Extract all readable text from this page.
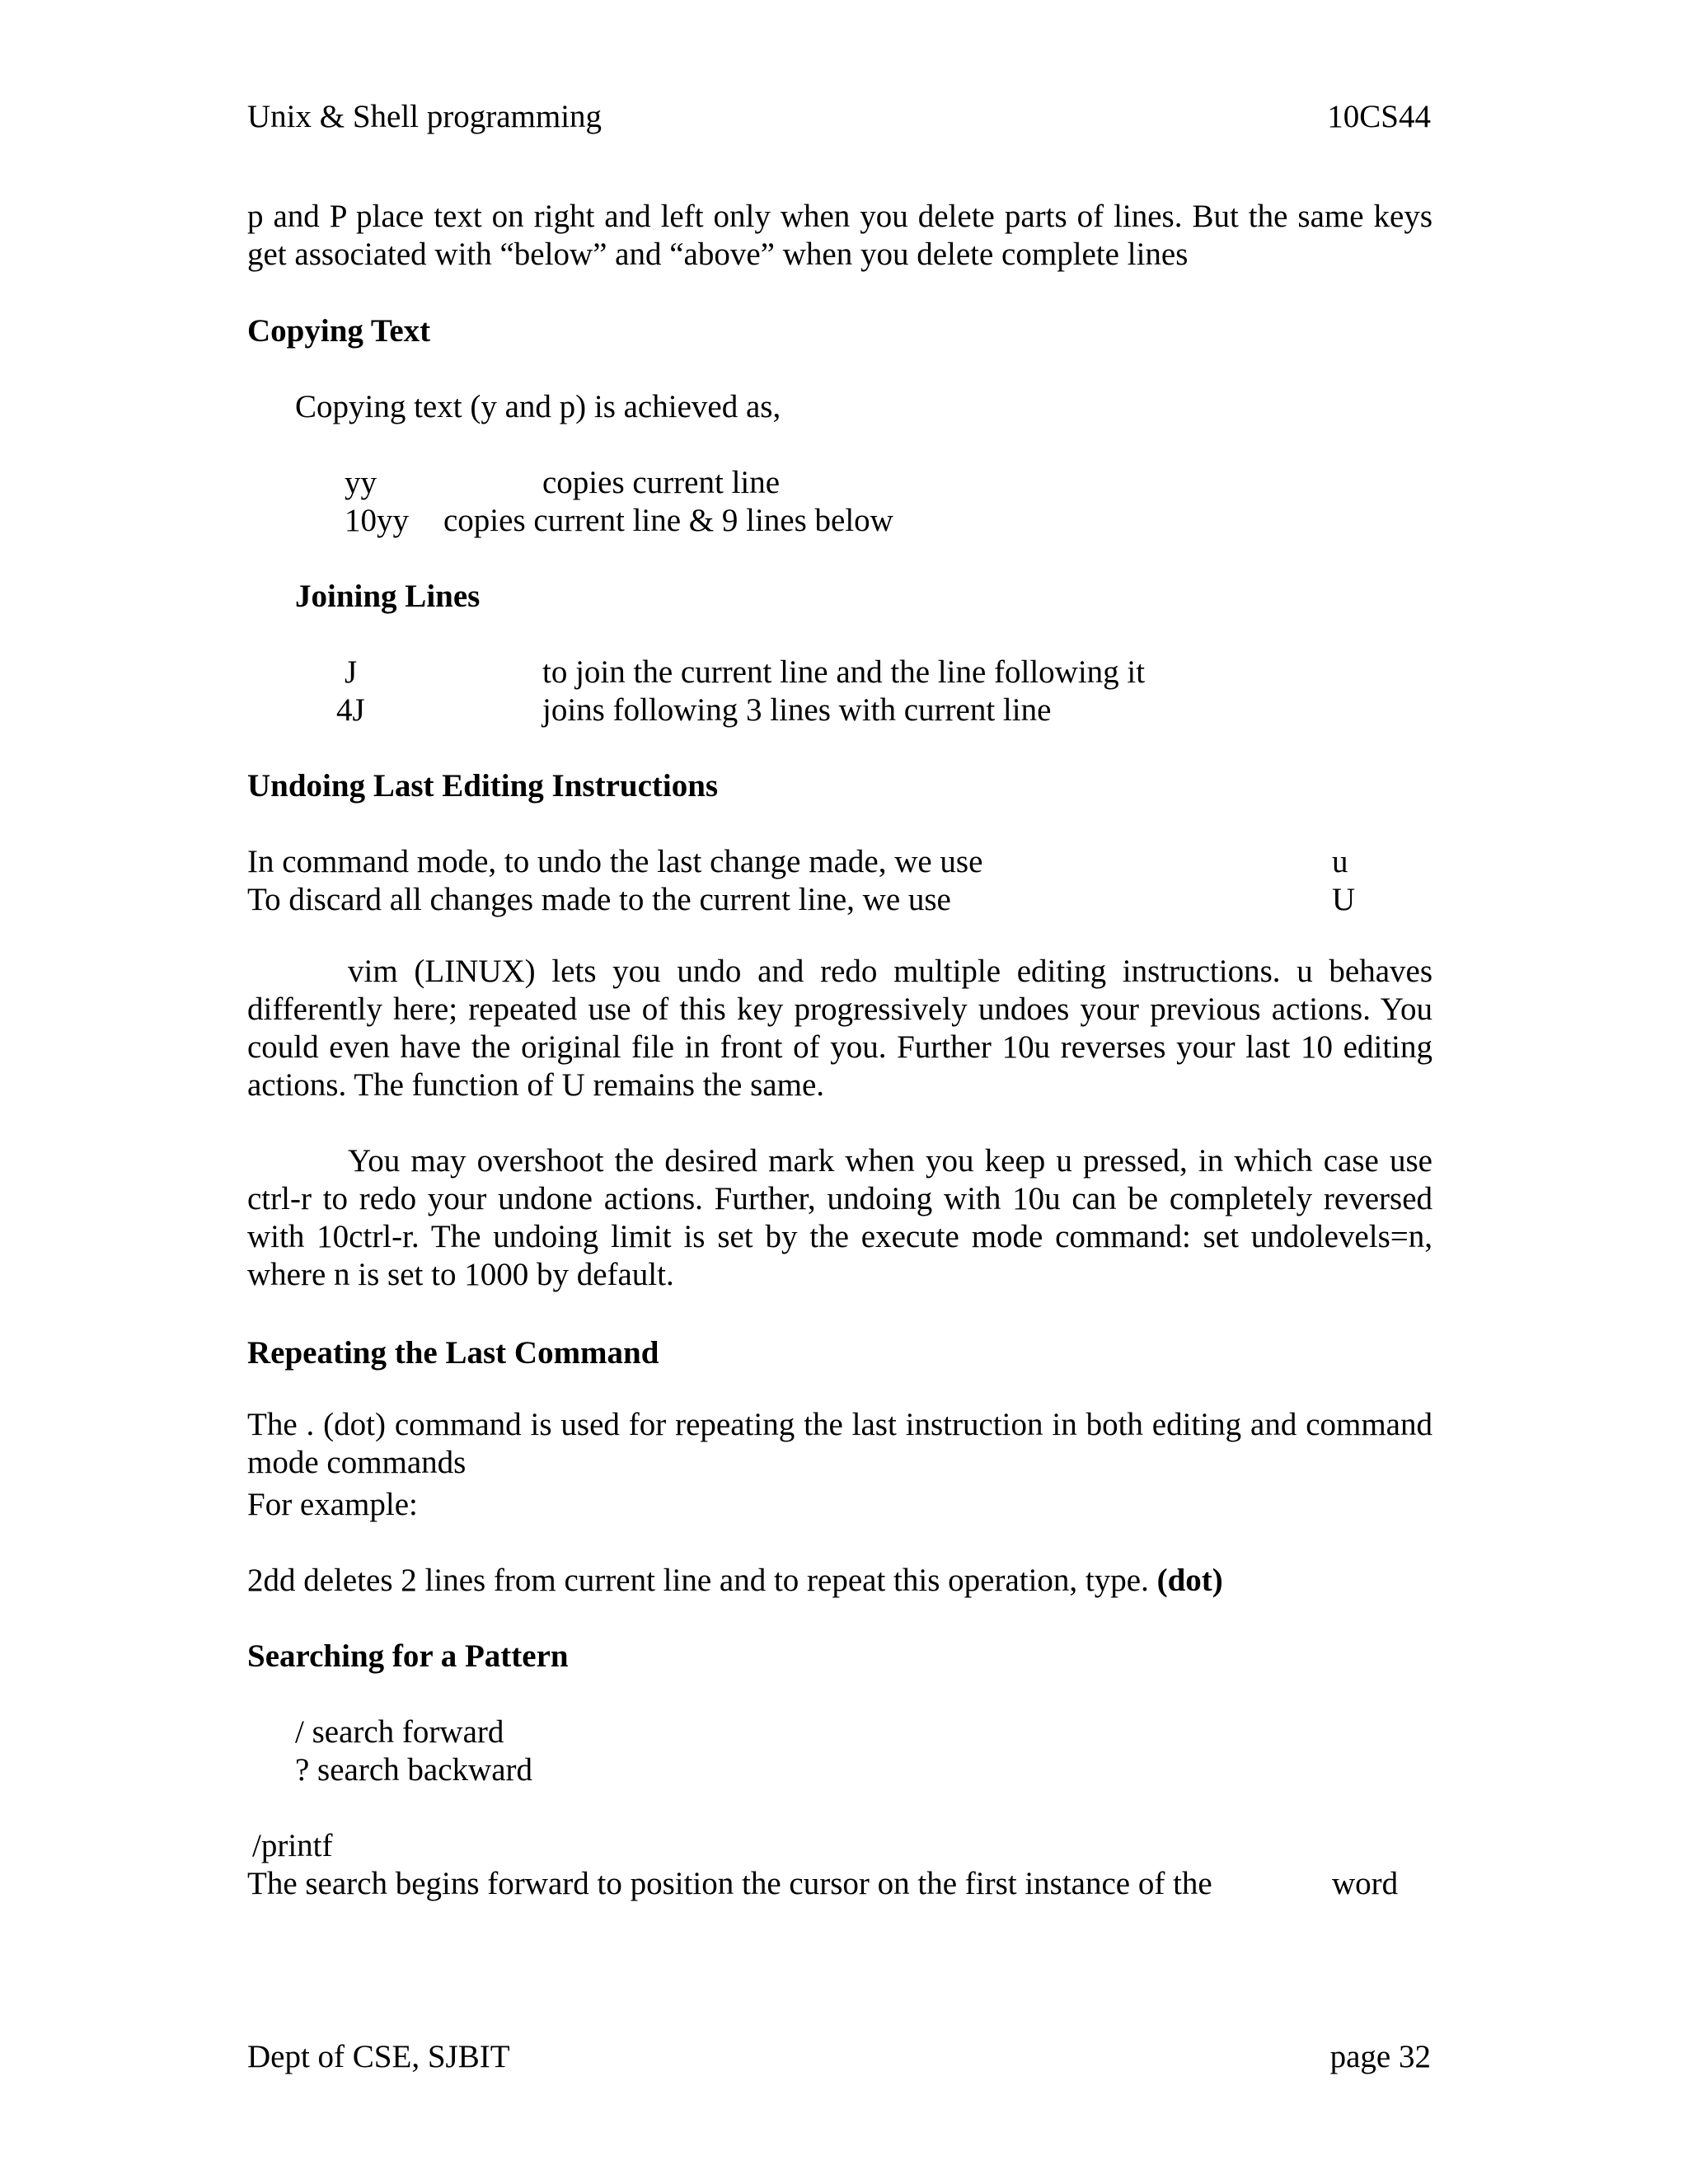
Unix & Shell programming	10CS44
p and P place text on right and left only when you delete parts of lines. But the same keys get associated with “below” and “above” when you delete complete lines
Copying Text
Copying text (y and p) is achieved as,
yy	copies current line
10yy copies current line & 9 lines below
Joining Lines
J	to join the current line and the line following it
4J	joins following 3 lines with current line
Undoing Last Editing Instructions
In command mode, to undo the last change made, we use	u
To discard all changes made to the current line, we use	U
vim (LINUX) lets you undo and redo multiple editing instructions. u behaves differently here; repeated use of this key progressively undoes your previous actions. You could even have the original file in front of you. Further 10u reverses your last 10 editing actions. The function of U remains the same.
You may overshoot the desired mark when you keep u pressed, in which case use ctrl-r to redo your undone actions. Further, undoing with 10u can be completely reversed with 10ctrl-r. The undoing limit is set by the execute mode command: set undolevels=n, where n is set to 1000 by default.
Repeating the Last Command
The . (dot) command is used for repeating the last instruction in both editing and command mode commands
For example:
2dd deletes 2 lines from current line and to repeat this operation, type. (dot)
Searching for a Pattern
/ search forward
? search backward
/printf
The search begins forward to position the cursor on the first instance of the	word
Dept of CSE, SJBIT	page 32
